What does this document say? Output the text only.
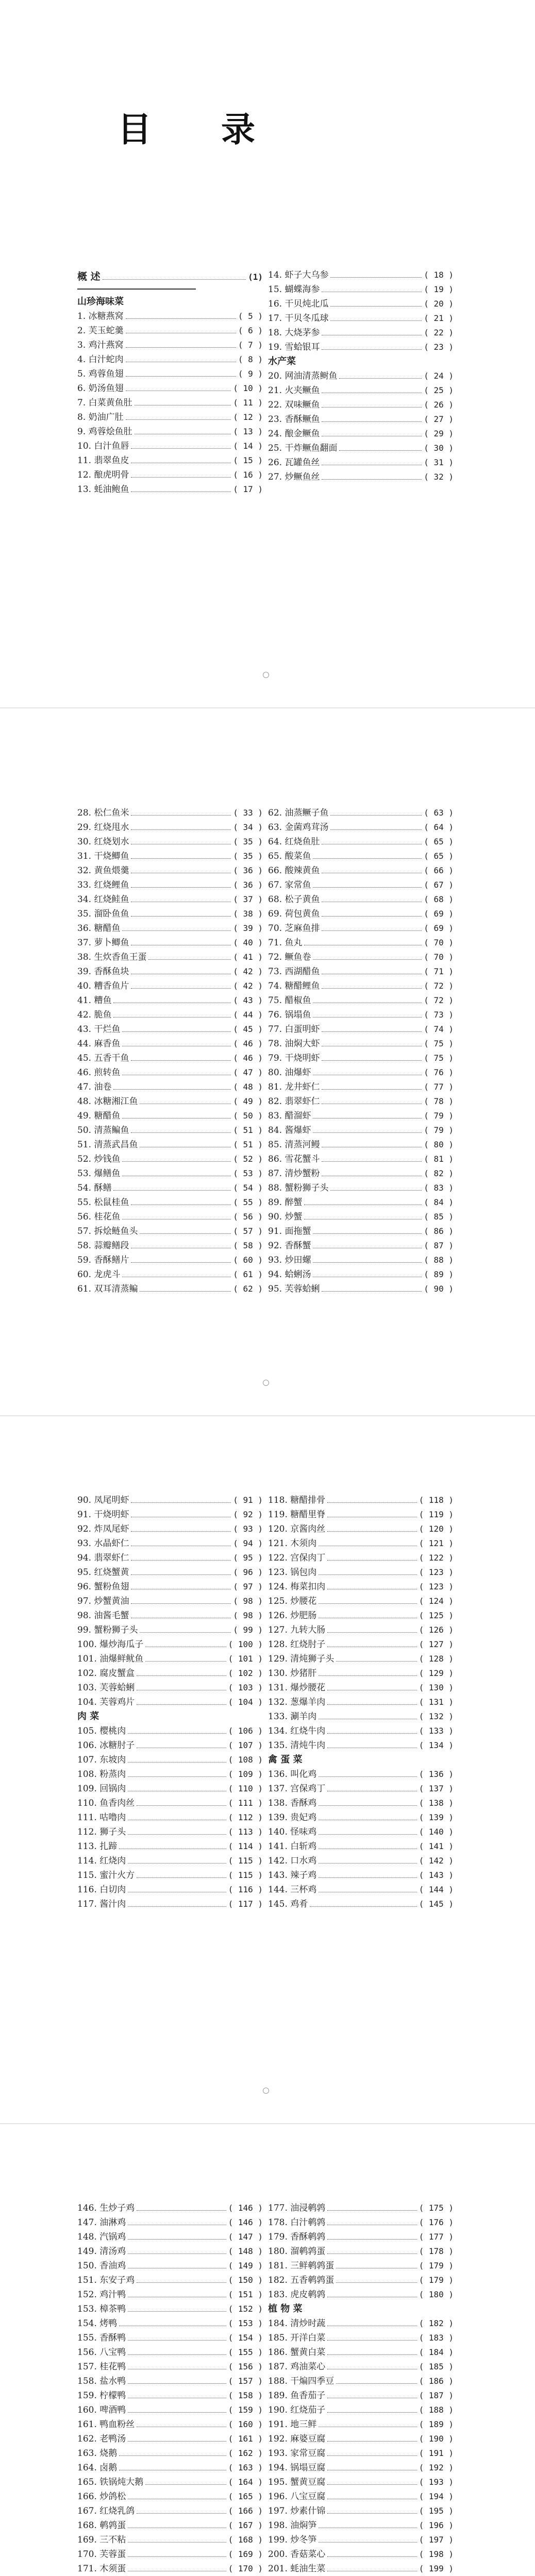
概 述	(1)
山珍海味菜
1. 冰糖燕窝	( 5 )
2. 芙玉蛇羹	( 6 )
3. 鸡汁燕窝	( 7 )
4. 白汁蛇肉	( 8 )
5. 鸡蓉鱼翅	( 9 )
6. 奶汤鱼翅	( 10 )
7. 白菜黄鱼肚	( 11 )
8. 奶油广肚	( 12 )
9. 鸡蓉烩鱼肚	( 13 )
10. 白汁鱼唇	( 14 )
11. 翡翠鱼皮	( 15 )
12. 酿虎明骨	( 16 )
13. 蚝油鲍鱼	( 17 )
14. 虾子大乌参	( 18 )
15. 蝴蝶海参	( 19 )
16. 干贝炖北瓜	( 20 )
17. 干贝冬瓜球	( 21 )
18. 大烧茅参	( 22 )
19. 雪蛤银耳	( 23 )
水产菜
20. 网油清蒸鲥鱼	( 24 )
21. 火夹鳜鱼	( 25 )
22. 双味鳜鱼	( 26 )
23. 香酥鳜鱼	( 27 )
24. 酿金鳜鱼	( 29 )
25. 干炸鳜鱼翻面	( 30 )
26. 瓦罐鱼丝	( 31 )
27. 炒鳜鱼丝	( 32 )
28. 松仁鱼米	( 33 )
29. 红烧甩水	( 34 )
30. 红烧划水	( 35 )
31. 干烧鲫鱼	( 35 )
32. 黄鱼煨羹	( 36 )
33. 红烧鲤鱼	( 36 )
34. 红烧鲑鱼	( 37 )
35. 溜卧鱼鱼	( 38 )
36. 糖醋鱼	( 39 )
37. 萝卜鲫鱼	( 40 )
38. 生炊香鱼王蛋	( 41 )
39. 香酥鱼块	( 42 )
40. 糟香鱼片	( 42 )
41. 糟鱼	( 43 )
42. 脆鱼	( 44 )
43. 干烂鱼	( 45 )
44. 麻香鱼	( 46 )
45. 五香干鱼	( 46 )
46. 煎转鱼	( 47 )
47. 油卷	( 48 )
48. 冰糖湘江鱼	( 49 )
49. 糖醋鱼	( 50 )
50. 清蒸鳊鱼	( 51 )
51. 清蒸武昌鱼	( 51 )
52. 炒钱鱼	( 52 )
53. 爆鳝鱼	( 53 )
54. 酥鳝	( 54 )
55. 松鼠桂鱼	( 55 )
56. 桂花鱼	( 56 )
57. 拆烩鲢鱼头	( 57 )
58. 蒜瓣鳝段	( 58 )
59. 香酥鳝片	( 60 )
60. 龙虎斗	( 61 )
61. 双耳清蒸鳊	( 62 )
62. 油蒸鳜子鱼	( 63 )
63. 金菌鸡茸汤	( 64 )
64. 红烧鱼肚	( 65 )
65. 酸菜鱼	( 65 )
66. 酸辣黄鱼	( 66 )
67. 家常鱼	( 67 )
68. 松子黄鱼	( 68 )
69. 荷包黄鱼	( 69 )
70. 芝麻鱼排	( 69 )
71. 鱼丸	( 70 )
72. 鳜鱼卷	( 70 )
73. 西湖醋鱼	( 71 )
74. 糖醋鲤鱼	( 72 )
75. 醋椒鱼	( 72 )
76. 锅塌鱼	( 73 )
77. 白蛋明虾	( 74 )
78. 油焖大虾	( 75 )
79. 干烧明虾	( 75 )
80. 油爆虾	( 76 )
81. 龙井虾仁	( 77 )
82. 翡翠虾仁	( 78 )
83. 醋溜虾	( 79 )
84. 酱爆虾	( 79 )
85. 清蒸河鳗	( 80 )
86. 雪花蟹斗	( 81 )
87. 清炒蟹粉	( 82 )
88. 蟹粉狮子头	( 83 )
89. 醉蟹	( 84 )
90. 炒蟹	( 85 )
91. 面拖蟹	( 86 )
92. 香酥蟹	( 87 )
93. 炒田螺	( 88 )
94. 蛤蜊汤	( 89 )
95. 芙蓉蛤蜊	( 90 )
90. 凤尾明虾	( 91 )
91. 干烧明虾	( 92 )
92. 炸凤尾虾	( 93 )
93. 水晶虾仁	( 94 )
94. 翡翠虾仁	( 95 )
95. 红烧蟹黄	( 96 )
96. 蟹粉鱼翅	( 97 )
97. 炒蟹黄油	( 98 )
98. 油酱毛蟹	( 98 )
99. 蟹粉狮子头	( 99 )
100. 爆炒海瓜子	( 100 )
101. 油爆鲜鱿鱼	( 101 )
102. 腐皮蟹盒	( 102 )
103. 芙蓉蛤蜊	( 103 )
104. 芙蓉鸡片	( 104 )
肉 菜
105. 樱桃肉	( 106 )
106. 冰糖肘子	( 107 )
107. 东坡肉	( 108 )
108. 粉蒸肉	( 109 )
109. 回锅肉	( 110 )
110. 鱼香肉丝	( 111 )
111. 咕噜肉	( 112 )
112. 狮子头	( 113 )
113. 扎蹄	( 114 )
114. 红烧肉	( 115 )
115. 蜜汁火方	( 115 )
116. 白切肉	( 116 )
117. 酱汁肉	( 117 )
118. 糖醋排骨	( 118 )
119. 糖醋里脊	( 119 )
120. 京酱肉丝	( 120 )
121. 木须肉	( 121 )
122. 宫保肉丁	( 122 )
123. 锅包肉	( 123 )
124. 梅菜扣肉	( 123 )
125. 炒腰花	( 124 )
126. 炒肥肠	( 125 )
127. 九转大肠	( 126 )
128. 红烧肘子	( 127 )
129. 清炖狮子头	( 128 )
130. 炒猪肝	( 129 )
131. 爆炒腰花	( 130 )
132. 葱爆羊肉	( 131 )
133. 涮羊肉	( 132 )
134. 红烧牛肉	( 133 )
135. 清炖牛肉	( 134 )
禽 蛋 菜
136. 叫化鸡	( 136 )
137. 宫保鸡丁	( 137 )
138. 香酥鸡	( 138 )
139. 贵妃鸡	( 139 )
140. 怪味鸡	( 140 )
141. 白斩鸡	( 141 )
142. 口水鸡	( 142 )
143. 辣子鸡	( 143 )
144. 三杯鸡	( 144 )
145. 鸡肴	( 145 )
146. 生炒子鸡	( 146 )
147. 油淋鸡	( 146 )
148. 汽锅鸡	( 147 )
149. 清汤鸡	( 148 )
150. 香油鸡	( 149 )
151. 东安子鸡	( 150 )
152. 鸡汁鸭	( 151 )
153. 樟茶鸭	( 152 )
154. 烤鸭	( 153 )
155. 香酥鸭	( 154 )
156. 八宝鸭	( 155 )
157. 桂花鸭	( 156 )
158. 盐水鸭	( 157 )
159. 柠檬鸭	( 158 )
160. 啤酒鸭	( 159 )
161. 鸭血粉丝	( 160 )
162. 老鸭汤	( 161 )
163. 烧鹅	( 162 )
164. 卤鹅	( 163 )
165. 铁锅炖大鹅	( 164 )
166. 炒鸽松	( 165 )
167. 红烧乳鸽	( 166 )
168. 鹌鹑蛋	( 167 )
169. 三不粘	( 168 )
170. 芙蓉蛋	( 169 )
171. 木须蛋	( 170 )
177. 油浸鹌鹑	( 175 )
178. 白汁鹌鹑	( 176 )
179. 香酥鹌鹑	( 177 )
180. 溜鹌鹑蛋	( 178 )
181. 三鲜鹌鹑蛋	( 179 )
182. 五香鹌鹑蛋	( 179 )
183. 虎皮鹌鹑	( 180 )
植 物 菜
184. 清炒时蔬	( 182 )
185. 开洋白菜	( 183 )
186. 蟹黄白菜	( 184 )
187. 鸡油菜心	( 185 )
188. 干煸四季豆	( 186 )
189. 鱼香茄子	( 187 )
190. 红烧茄子	( 188 )
191. 地三鲜	( 189 )
192. 麻婆豆腐	( 190 )
193. 家常豆腐	( 191 )
194. 锅塌豆腐	( 192 )
195. 蟹黄豆腐	( 193 )
196. 八宝豆腐	( 194 )
197. 炒素什锦	( 195 )
198. 油焖笋	( 196 )
199. 炒冬笋	( 197 )
200. 香菇菜心	( 198 )
201. 蚝油生菜	( 199 )
目 录
